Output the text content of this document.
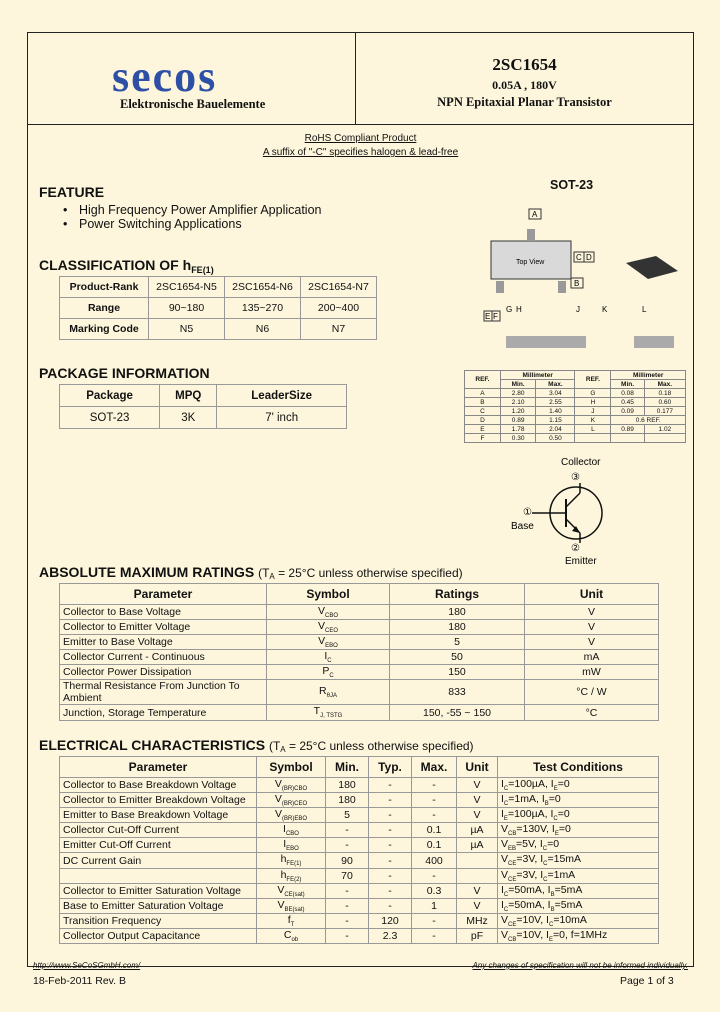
secos
Elektronische Bauelemente
2SC1654
0.05A , 180V
NPN Epitaxial Planar Transistor
RoHS Compliant Product
A suffix of "-C" specifies halogen & lead-free
FEATURE
• High Frequency Power Amplifier Application
• Power Switching Applications
SOT-23
CLASSIFICATION OF $h_{FE(1)}$
Product-Rank	2SC1654-N5	2SC1654-N6	2SC1654-N7
Range	90~180	135~270	200~400
Marking Code	N5	N6	N7
PACKAGE INFORMATION
Package	MPQ	LeaderSize
SOT-23	3K	7' inch
Top View
A
B
C D
E F
G H	J	K	L
REF.	Millimeter		REF.	Millimeter	
	Min.	Max.		Min.	Max.
A	2.80	3.04	G	0.08	0.18
B	2.10	2.55	H	0.45	0.60
C	1.20	1.40	J	0.09	0.177
D	0.89	1.15	K	0.6 REF.	
E	1.78	2.04	L	0.89	1.02
F	0.30	0.50			
Collector
③
①
Base
②
Emitter
ABSOLUTE MAXIMUM RATINGS (TA = 25°C unless otherwise specified)
Parameter	Symbol	Ratings	Unit
Collector to Base Voltage	$V_{CBO}$	180	V
Collector to Emitter Voltage	$V_{CEO}$	180	V
Emitter to Base Voltage	$V_{EBO}$	5	V
Collector Current - Continuous	$I_C$	50	mA
Collector Power Dissipation	$P_C$	150	mW
Thermal Resistance From Junction To Ambient	$R_{\theta JA}$	833	°C / W
Junction, Storage Temperature	$T_{J, TSTG}$	150, -55 ~ 150	°C
ELECTRICAL CHARACTERISTICS (TA = 25°C unless otherwise specified)
Parameter	Symbol	Min.	Typ.	Max.	Unit	Test Conditions
Collector to Base Breakdown Voltage	$V_{(BR)CBO}$	180	-	-	V	$I_C=100\mu A$, $I_E=0$
Collector to Emitter Breakdown Voltage	$V_{(BR)CEO}$	180	-	-	V	$I_C=1mA$, $I_B=0$
Emitter to Base Breakdown Voltage	$V_{(BR)EBO}$	5	-	-	V	$I_E=100\mu A$, $I_C=0$
Collector Cut-Off Current	$I_{CBO}$	-	-	0.1	µA	$V_{CB}=130V$, $I_E=0$
Emitter Cut-Off Current	$I_{EBO}$	-	-	0.1	µA	$V_{EB}=5V$, $I_C=0$
DC Current Gain	$h_{FE(1)}$	90	-	400		$V_{CE}=3V$, $I_C=15mA$
	$h_{FE(2)}$	70	-	-		$V_{CE}=3V$, $I_C=1mA$
Collector to Emitter Saturation Voltage	$V_{CE(sat)}$	-	-	0.3	V	$I_C=50mA$, $I_B=5mA$
Base to Emitter Saturation Voltage	$V_{BE(sat)}$	-	-	1	V	$I_C=50mA$, $I_B=5mA$
Transition Frequency	$f_T$	-	120	-	MHz	$V_{CE}=10V$, $I_C=10mA$
Collector Output Capacitance	$C_{ob}$	-	2.3	-	pF	$V_{CB}=10V$, $I_E=0$, f=1MHz
http://www.SeCoSGmbH.com/	Any changes of specification will not be informed individually.
18-Feb-2011 Rev. B	Page 1 of 3
